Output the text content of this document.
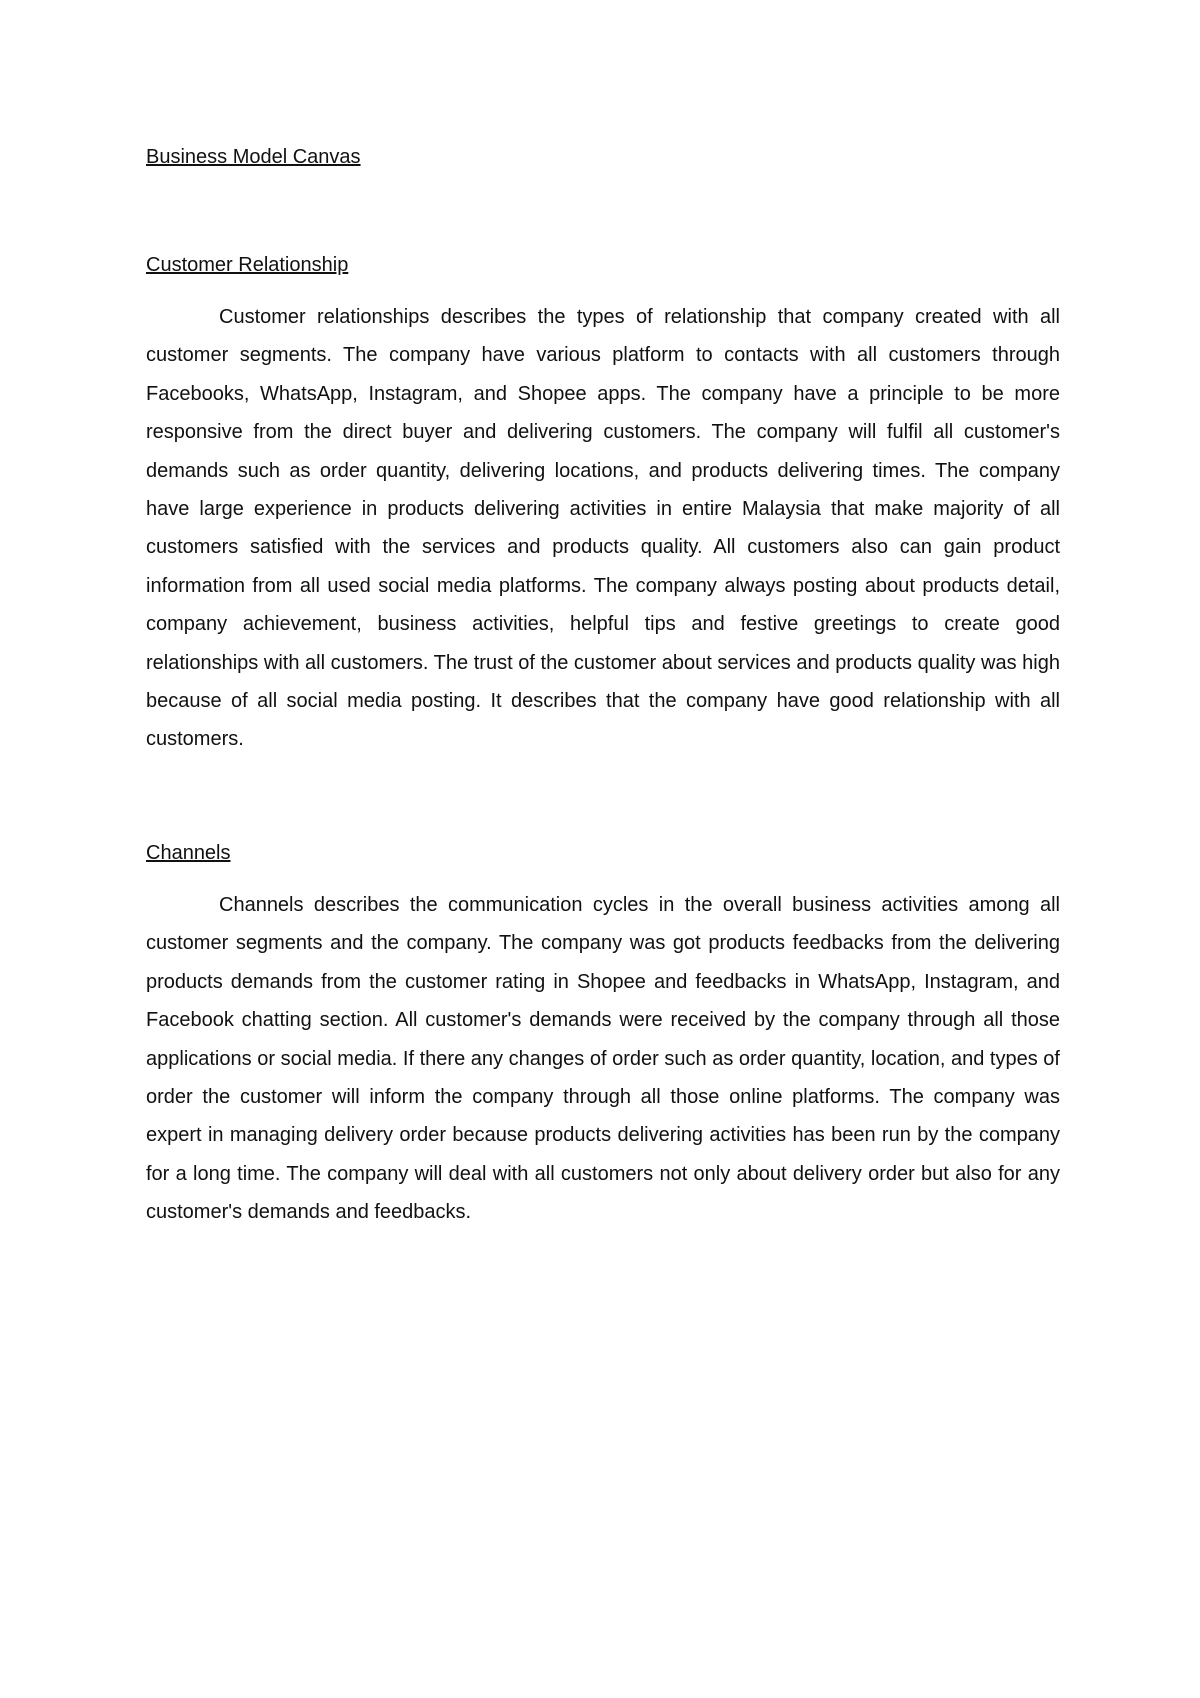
Business Model Canvas
Customer Relationship

Customer relationships describes the types of relationship that company created with all customer segments. The company have various platform to contacts with all customers through Facebooks, WhatsApp, Instagram, and Shopee apps. The company have a principle to be more responsive from the direct buyer and delivering customers. The company will fulfil all customer's demands such as order quantity, delivering locations, and products delivering times. The company have large experience in products delivering activities in entire Malaysia that make majority of all customers satisfied with the services and products quality. All customers also can gain product information from all used social media platforms. The company always posting about products detail, company achievement, business activities, helpful tips and festive greetings to create good relationships with all customers. The trust of the customer about services and products quality was high because of all social media posting. It describes that the company have good relationship with all customers.

Channels

Channels describes the communication cycles in the overall business activities among all customer segments and the company. The company was got products feedbacks from the delivering products demands from the customer rating in Shopee and feedbacks in WhatsApp, Instagram, and Facebook chatting section. All customer's demands were received by the company through all those applications or social media. If there any changes of order such as order quantity, location, and types of order the customer will inform the company through all those online platforms. The company was expert in managing delivery order because products delivering activities has been run by the company for a long time. The company will deal with all customers not only about delivery order but also for any customer's demands and feedbacks.
